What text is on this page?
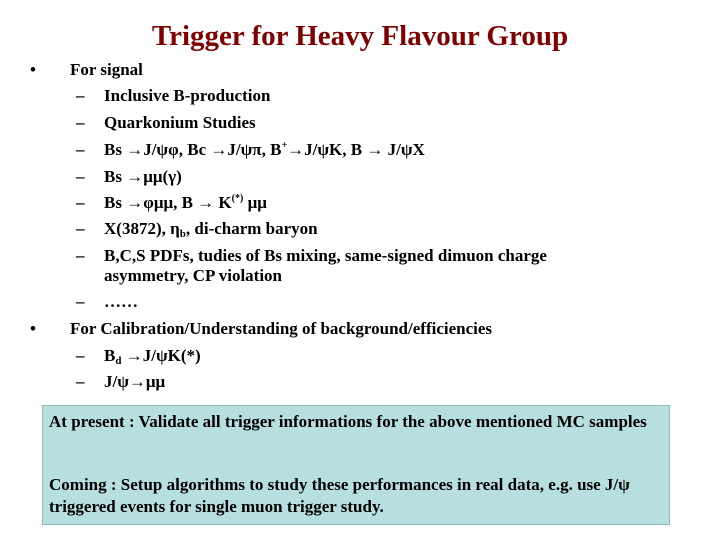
Trigger for Heavy Flavour Group
• For signal
– Inclusive B-production
– Quarkonium Studies
– Bs →J/ψφ, Bc →J/ψπ, B+→J/ψK, B → J/ψX
– Bs →μμ(γ)
– Bs →φμμ, B → K(*) μμ
– X(3872), $\eta_b$, di-charm baryon
– B,C,S PDFs, tudies of Bs mixing, same-signed dimuon charge
asymmetry, CP violation
– ……
• For Calibration/Understanding of background/efficiencies
– $B_d \to J/\psi K(*)$
– J/ψ→μμ
At present : Validate all trigger informations for the above mentioned MC samples
Coming : Setup algorithms to study these performances in real data, e.g. use J/ψ triggered events for single muon trigger study.
